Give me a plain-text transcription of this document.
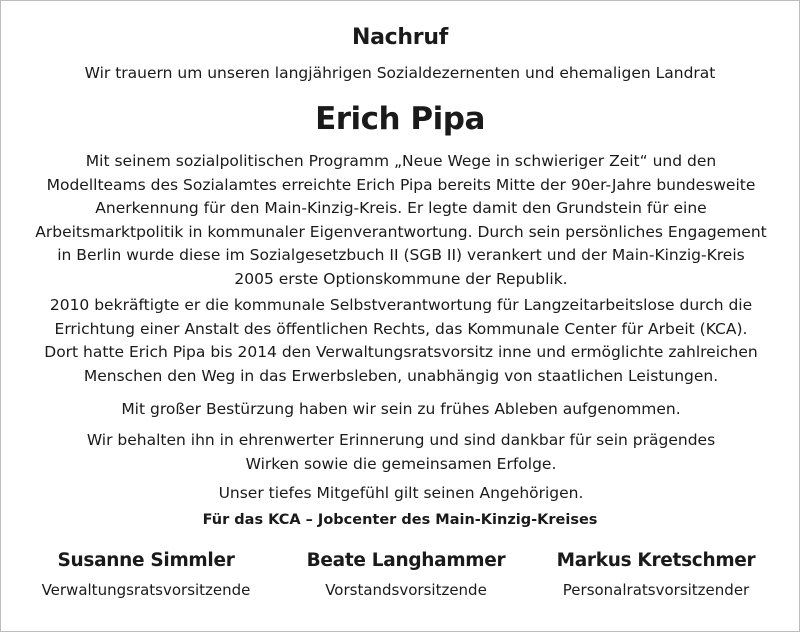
Nachruf
Wir trauern um unseren langjährigen Sozialdezernenten und ehemaligen Landrat
Erich Pipa
Mit seinem sozialpolitischen Programm „Neue Wege in schwieriger Zeit“ und den
Modellteams des Sozialamtes erreichte Erich Pipa bereits Mitte der 90er-Jahre bundesweite
Anerkennung für den Main-Kinzig-Kreis. Er legte damit den Grundstein für eine
Arbeitsmarktpolitik in kommunaler Eigenverantwortung. Durch sein persönliches Engagement
in Berlin wurde diese im Sozialgesetzbuch II (SGB II) verankert und der Main-Kinzig-Kreis
2005 erste Optionskommune der Republik.
2010 bekräftigte er die kommunale Selbstverantwortung für Langzeitarbeitslose durch die
Errichtung einer Anstalt des öffentlichen Rechts, das Kommunale Center für Arbeit (KCA).
Dort hatte Erich Pipa bis 2014 den Verwaltungsratsvorsitz inne und ermöglichte zahlreichen
Menschen den Weg in das Erwerbsleben, unabhängig von staatlichen Leistungen.
Mit großer Bestürzung haben wir sein zu frühes Ableben aufgenommen.
Wir behalten ihn in ehrenwerter Erinnerung und sind dankbar für sein prägendes
Wirken sowie die gemeinsamen Erfolge.
Unser tiefes Mitgefühl gilt seinen Angehörigen.
Für das KCA – Jobcenter des Main-Kinzig-Kreises
Susanne Simmler
Verwaltungsratsvorsitzende
Beate Langhammer
Vorstandsvorsitzende
Markus Kretschmer
Personalratsvorsitzender
